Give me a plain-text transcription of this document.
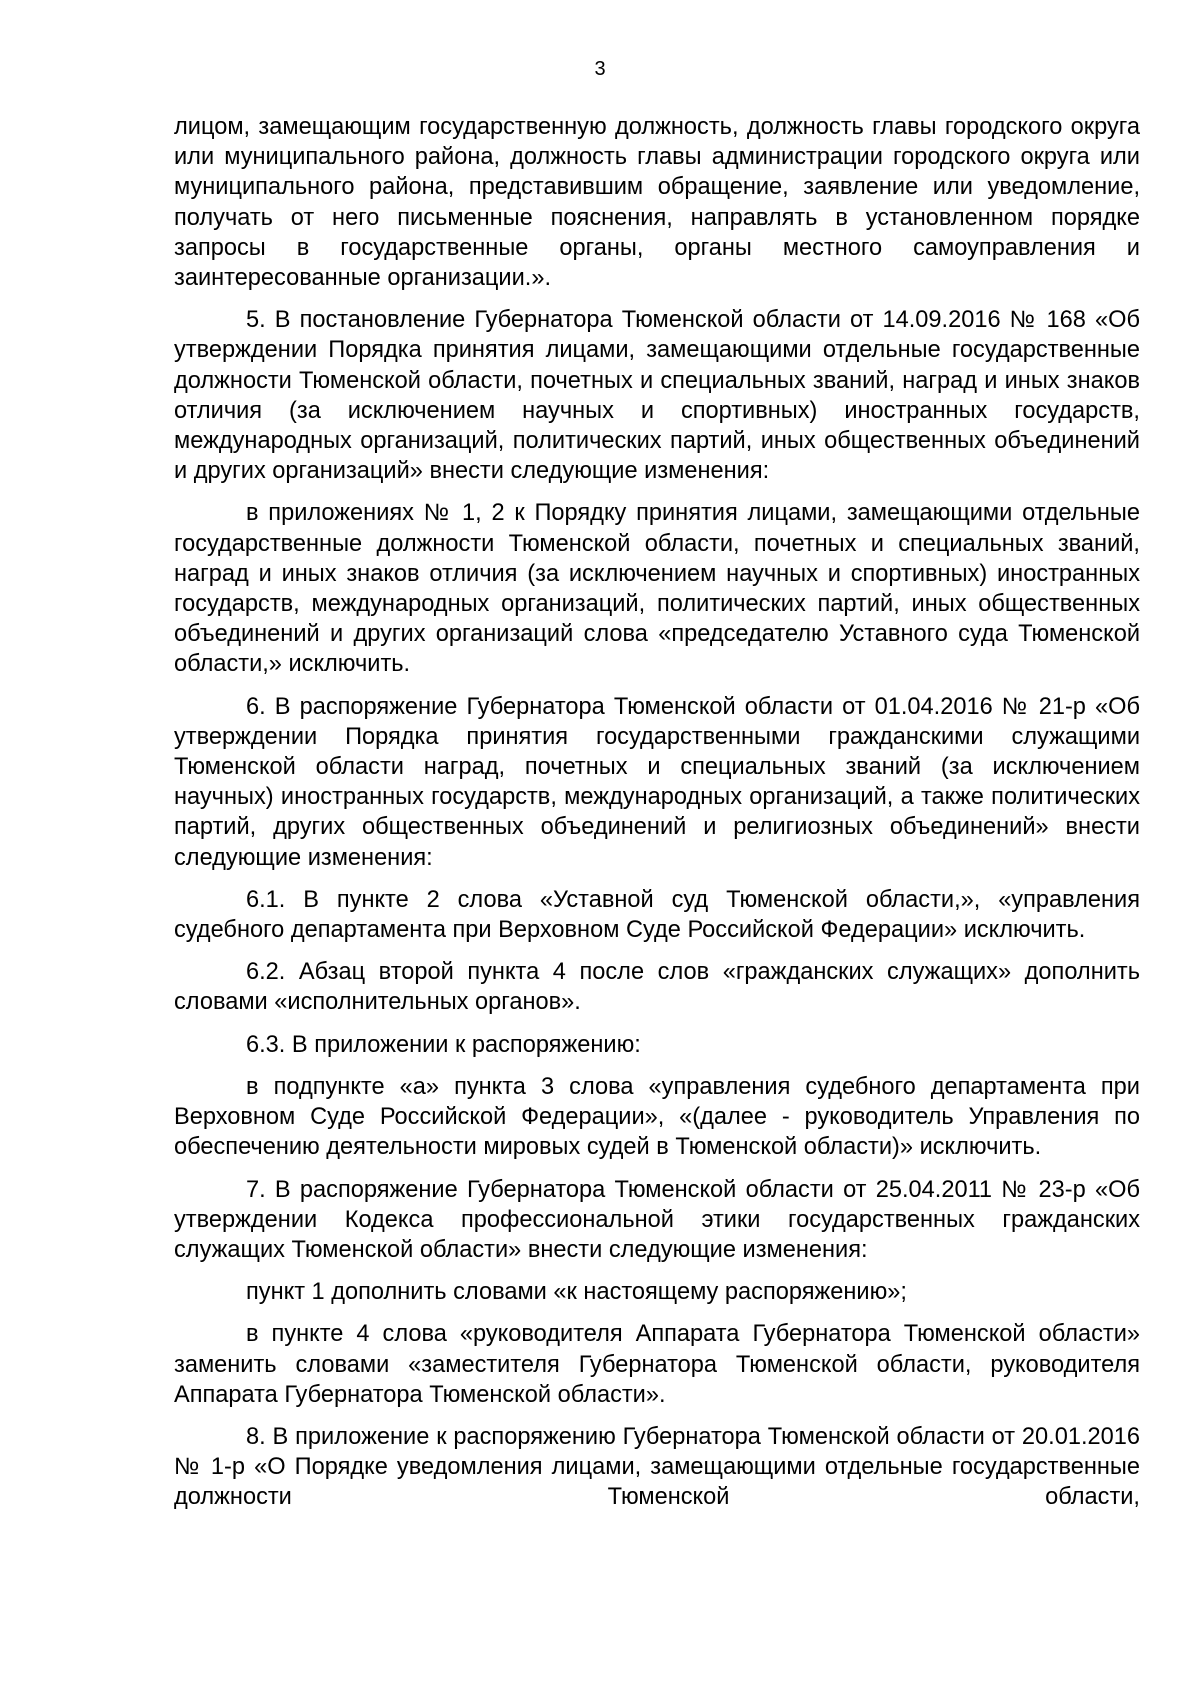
3

лицом, замещающим государственную должность, должность главы городского округа или муниципального района, должность главы администрации городского округа или муниципального района, представившим обращение, заявление или уведомление, получать от него письменные пояснения, направлять в установленном порядке запросы в государственные органы, органы местного самоуправления и заинтересованные организации.».

5. В постановление Губернатора Тюменской области от 14.09.2016 № 168 «Об утверждении Порядка принятия лицами, замещающими отдельные государственные должности Тюменской области, почетных и специальных званий, наград и иных знаков отличия (за исключением научных и спортивных) иностранных государств, международных организаций, политических партий, иных общественных объединений и других организаций» внести следующие изменения:

в приложениях № 1, 2 к Порядку принятия лицами, замещающими отдельные государственные должности Тюменской области, почетных и специальных званий, наград и иных знаков отличия (за исключением научных и спортивных) иностранных государств, международных организаций, политических партий, иных общественных объединений и других организаций слова «председателю Уставного суда Тюменской области,» исключить.

6. В распоряжение Губернатора Тюменской области от 01.04.2016 № 21-р «Об утверждении Порядка принятия государственными гражданскими служащими Тюменской области наград, почетных и специальных званий (за исключением научных) иностранных государств, международных организаций, а также политических партий, других общественных объединений и религиозных объединений» внести следующие изменения:

6.1. В пункте 2 слова «Уставной суд Тюменской области,», «управления судебного департамента при Верховном Суде Российской Федерации» исключить.

6.2. Абзац второй пункта 4 после слов «гражданских служащих» дополнить словами «исполнительных органов».

6.3. В приложении к распоряжению:

в подпункте «а» пункта 3 слова «управления судебного департамента при Верховном Суде Российской Федерации», «(далее - руководитель Управления по обеспечению деятельности мировых судей в Тюменской области)» исключить.

7. В распоряжение Губернатора Тюменской области от 25.04.2011 № 23-р «Об утверждении Кодекса профессиональной этики государственных гражданских служащих Тюменской области» внести следующие изменения:

пункт 1 дополнить словами «к настоящему распоряжению»;

в пункте 4 слова «руководителя Аппарата Губернатора Тюменской области» заменить словами «заместителя Губернатора Тюменской области, руководителя Аппарата Губернатора Тюменской области».

8. В приложение к распоряжению Губернатора Тюменской области от 20.01.2016 № 1-р «О Порядке уведомления лицами, замещающими отдельные государственные должности Тюменской области,
